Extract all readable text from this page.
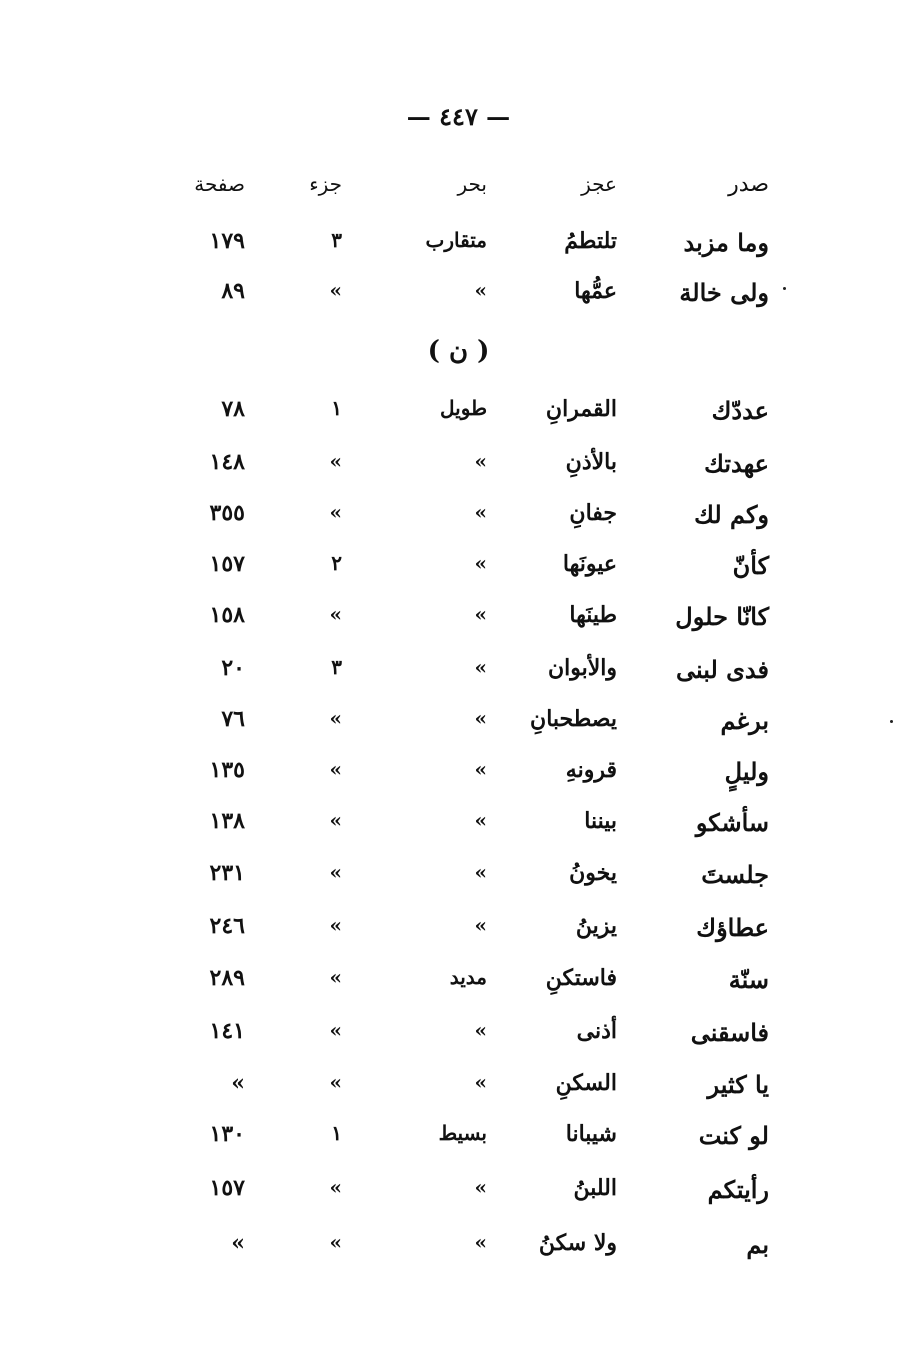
— ٤٤٧ —
صدر
عجز
بحر
جزء
صفحة
وما مزبد
تلتطمُ
متقارب
٣
١٧٩
ولى خالة
عمُّها
»
»
٨٩
( ن )
عددّك
القمرانِ
طويل
١
٧٨
عهدتك
بالأذنِ
»
»
١٤٨
وكم لك
جفانِ
»
»
٣٥٥
كأنّ
عيونَها
»
٢
١٥٧
كانّا حلول
طينَها
»
»
١٥٨
فدى لبنى
والأبوان
»
٣
٢٠
برغم
يصطحبانِ
»
»
٧٦
وليلٍ
قرونهِ
»
»
١٣٥
سأشكو
بيننا
»
»
١٣٨
جلستَ
يخونُ
»
»
٢٣١
عطاؤك
يزينُ
»
»
٢٤٦
سنّة
فاستكنِ
مديد
»
٢٨٩
فاسقنى
أذنى
»
»
١٤١
يا كثير
السكنِ
»
»
»
لو كنت
شيبانا
بسيط
١
١٣٠
رأيتكم
اللبنُ
»
»
١٥٧
بم
ولا سكنُ
»
»
»
